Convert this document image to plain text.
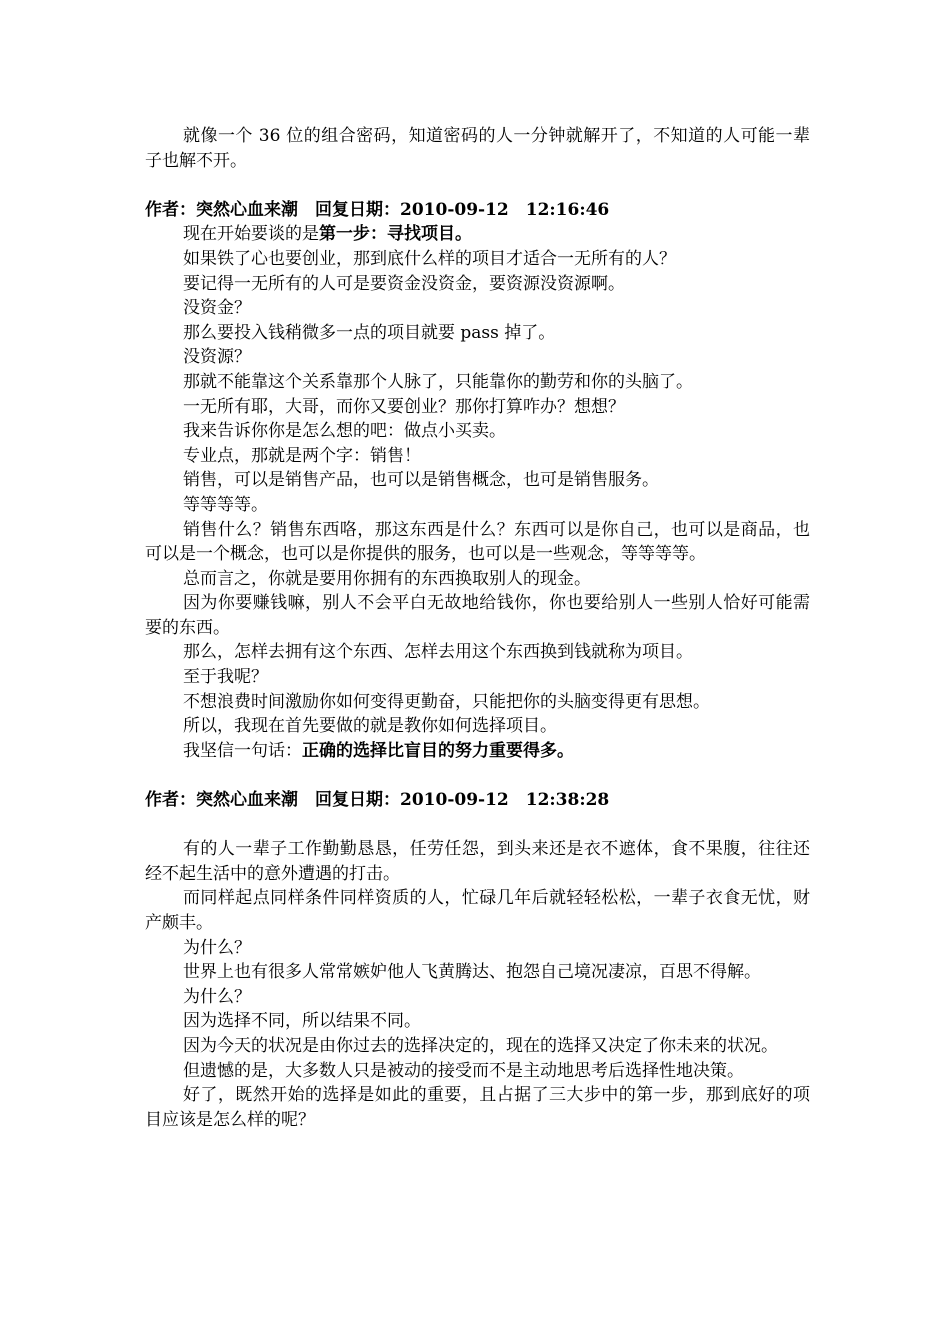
就像一个 36 位的组合密码，知道密码的人一分钟就解开了，不知道的人可能一辈子也解不开。

作者：突然心血来潮　回复日期：2010-09-12　12:16:46

现在开始要谈的是第一步：寻找项目。

如果铁了心也要创业，那到底什么样的项目才适合一无所有的人？

要记得一无所有的人可是要资金没资金，要资源没资源啊。

没资金？

那么要投入钱稍微多一点的项目就要 pass 掉了。

没资源？

那就不能靠这个关系靠那个人脉了，只能靠你的勤劳和你的头脑了。

一无所有耶，大哥，而你又要创业？那你打算咋办？想想？

我来告诉你你是怎么想的吧：做点小买卖。

专业点，那就是两个字：销售！

销售，可以是销售产品，也可以是销售概念，也可是销售服务。

等等等等。

销售什么？销售东西咯，那这东西是什么？东西可以是你自己，也可以是商品，也可以是一个概念，也可以是你提供的服务，也可以是一些观念，等等等等。

总而言之，你就是要用你拥有的东西换取别人的现金。

因为你要赚钱嘛，别人不会平白无故地给钱你，你也要给别人一些别人恰好可能需要的东西。

那么，怎样去拥有这个东西、怎样去用这个东西换到钱就称为项目。

至于我呢？

不想浪费时间激励你如何变得更勤奋，只能把你的头脑变得更有思想。

所以，我现在首先要做的就是教你如何选择项目。

我坚信一句话：正确的选择比盲目的努力重要得多。

作者：突然心血来潮　回复日期：2010-09-12　12:38:28

有的人一辈子工作勤勤恳恳，任劳任怨，到头来还是衣不遮体，食不果腹，往往还经不起生活中的意外遭遇的打击。

而同样起点同样条件同样资质的人，忙碌几年后就轻轻松松，一辈子衣食无忧，财产颇丰。

为什么？

世界上也有很多人常常嫉妒他人飞黄腾达、抱怨自己境况凄凉，百思不得解。

为什么？

因为选择不同，所以结果不同。

因为今天的状况是由你过去的选择决定的，现在的选择又决定了你未来的状况。

但遗憾的是，大多数人只是被动的接受而不是主动地思考后选择性地决策。

好了，既然开始的选择是如此的重要，且占据了三大步中的第一步，那到底好的项目应该是怎么样的呢？
